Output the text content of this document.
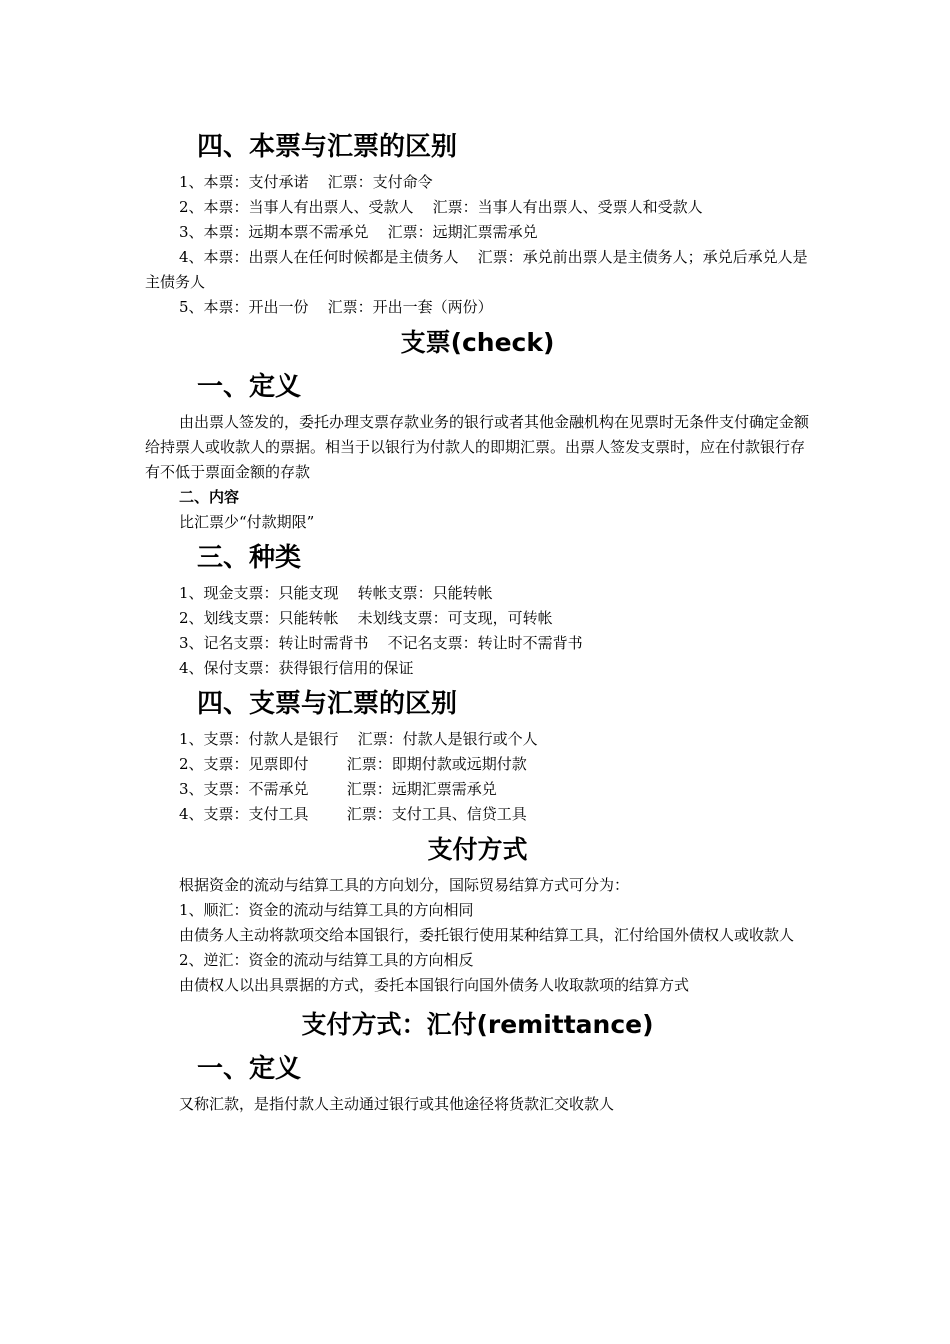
四、本票与汇票的区别

1、本票：支付承诺    汇票：支付命令

2、本票：当事人有出票人、受款人    汇票：当事人有出票人、受票人和受款人

3、本票：远期本票不需承兑    汇票：远期汇票需承兑

4、本票：出票人在任何时候都是主债务人    汇票：承兑前出票人是主债务人；承兑后承兑人是主债务人

5、本票：开出一份    汇票：开出一套（两份）

支票(check)
一、定义

由出票人签发的，委托办理支票存款业务的银行或者其他金融机构在见票时无条件支付确定金额给持票人或收款人的票据。相当于以银行为付款人的即期汇票。出票人签发支票时，应在付款银行存有不低于票面金额的存款

二、内容

比汇票少“付款期限”

三、种类

1、现金支票：只能支现    转帐支票：只能转帐

2、划线支票：只能转帐    未划线支票：可支现，可转帐

3、记名支票：转让时需背书    不记名支票：转让时不需背书

4、保付支票：获得银行信用的保证

四、支票与汇票的区别

1、支票：付款人是银行    汇票：付款人是银行或个人

2、支票：见票即付        汇票：即期付款或远期付款

3、支票：不需承兑        汇票：远期汇票需承兑

4、支票：支付工具        汇票：支付工具、信贷工具

支付方式

根据资金的流动与结算工具的方向划分，国际贸易结算方式可分为：

1、顺汇：资金的流动与结算工具的方向相同

由债务人主动将款项交给本国银行，委托银行使用某种结算工具，汇付给国外债权人或收款人

2、逆汇：资金的流动与结算工具的方向相反

由债权人以出具票据的方式，委托本国银行向国外债务人收取款项的结算方式

支付方式：汇付(remittance)
一、定义

又称汇款，是指付款人主动通过银行或其他途径将货款汇交收款人
